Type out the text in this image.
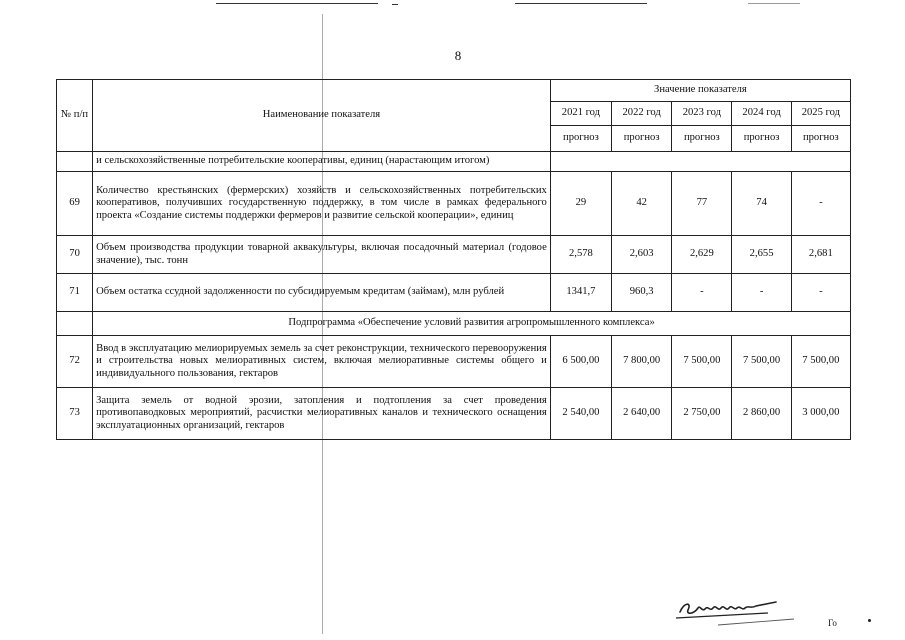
8
№ п/п	Наименование показателя	Значение показателя				
		2021 год	2022 год	2023 год	2024 год	2025 год
		прогноз	прогноз	прогноз	прогноз	прогноз
	и сельскохозяйственные потребительские кооперативы, единиц (нарастающим итогом)					
69	Количество крестьянских (фермерских) хозяйств и сельскохозяйственных потребительских кооперативов, получивших государственную поддержку, в том числе в рамках федерального проекта «Создание системы поддержки фермеров и развитие сельской кооперации», единиц	29	42	77	74	-
70	Объем производства продукции товарной аквакультуры, включая посадочный материал (годовое значение), тыс. тонн	2,578	2,603	2,629	2,655	2,681
71	Объем остатка ссудной задолженности по субсидируемым кредитам (займам), млн рублей	1341,7	960,3	-	-	-
	Подпрограмма «Обеспечение условий развития агропромышленного комплекса»					
72	Ввод в эксплуатацию мелиорируемых земель за счет реконструкции, технического перевооружения и строительства новых мелиоративных систем, включая мелиоративные системы общего и индивидуального пользования, гектаров	6 500,00	7 800,00	7 500,00	7 500,00	7 500,00
73	Защита земель от водной эрозии, затопления и подтопления за счет проведения противопаводковых мероприятий, расчистки мелиоративных каналов и технического оснащения эксплуатационных организаций, гектаров	2 540,00	2 640,00	2 750,00	2 860,00	3 000,00
Го
